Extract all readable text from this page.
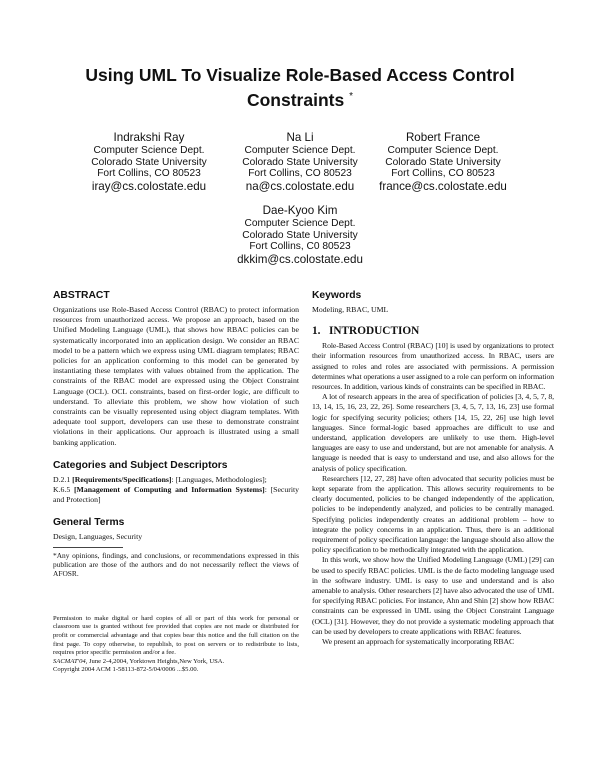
Using UML To Visualize Role-Based Access Control
Constraints *
Indrakshi Ray
Computer Science Dept.
Colorado State University
Fort Collins, CO 80523
iray@cs.colostate.edu
Na Li
Computer Science Dept.
Colorado State University
Fort Collins, CO 80523
na@cs.colostate.edu
Robert France
Computer Science Dept.
Colorado State University
Fort Collins, CO 80523
france@cs.colostate.edu
Dae-Kyoo Kim
Computer Science Dept.
Colorado State University
Fort Collins, C0 80523
dkkim@cs.colostate.edu
ABSTRACT

Organizations use Role-Based Access Control (RBAC) to protect information resources from unauthorized access. We propose an approach, based on the Unified Modeling Language (UML), that shows how RBAC policies can be systematically incorporated into an application design. We consider an RBAC model to be a pattern which we express using UML diagram templates; RBAC policies for an application conforming to this model can be generated by instantiating these templates with values obtained from the application. The constraints of the RBAC model are expressed using the Object Constraint Language (OCL). OCL constraints, based on first-order logic, are difficult to understand. To alleviate this problem, we show how violation of such constraints can be visually represented using object diagram templates. With adequate tool support, developers can use these to demonstrate constraint violations in their applications. Our approach is illustrated using a small banking application.

Categories and Subject Descriptors

D.2.1 [Requirements/Specifications]: [Languages, Methodologies];
K.6.5 [Management of Computing and Information Systems]: [Security and Protection]

General Terms

Design, Languages, Security

*Any opinions, findings, and conclusions, or recommendations expressed in this publication are those of the authors and do not necessarily reflect the views of AFOSR.

Permission to make digital or hard copies of all or part of this work for personal or classroom use is granted without fee provided that copies are not made or distributed for profit or commercial advantage and that copies bear this notice and the full citation on the first page. To copy otherwise, to republish, to post on servers or to redistribute to lists, requires prior specific permission and/or a fee.

SACMAT'04, June 2-4,2004, Yorktown Heights,New York, USA.

Copyright 2004 ACM 1-58113-872-5/04/0006 ...$5.00.

Keywords

Modeling, RBAC, UML

1.   INTRODUCTION

Role-Based Access Control (RBAC) [10] is used by organizations to protect their information resources from unauthorized access. In RBAC, users are assigned to roles and roles are associated with permissions. A permission determines what operations a user assigned to a role can perform on information resources. In addition, various kinds of constraints can be specified in RBAC.

A lot of research appears in the area of specification of policies [3, 4, 5, 7, 8, 13, 14, 15, 16, 23, 22, 26]. Some researchers [3, 4, 5, 7, 13, 16, 23] use formal logic for specifying security policies; others [14, 15, 22, 26] use high level languages. Since formal-logic based approaches are difficult to use and understand, application developers are unlikely to use them. High-level languages are easy to use and understand, but are not amenable for analysis. A language is needed that is easy to understand and use, and also allows for the analysis of policy specification.

Researchers [12, 27, 28] have often advocated that security policies must be kept separate from the application. This allows security requirements to be clearly documented, policies to be changed independently of the application, policies to be independently analyzed, and policies to be centrally managed. Specifying policies independently creates an additional problem – how to integrate the policy concerns in an application. Thus, there is an additional requirement of policy specification language: the language should also allow the policy specification to be methodically integrated with the application.

In this work, we show how the Unified Modeling Language (UML) [29] can be used to specify RBAC policies. UML is the de facto modeling language used in the software industry. UML is easy to use and understand and is also amenable to analysis. Other researchers [2] have also advocated the use of UML for specifying RBAC policies. For instance, Ahn and Shin [2] show how RBAC constraints can be expressed in UML using the Object Constraint Language (OCL) [31]. However, they do not provide a systematic modeling approach that can be used by developers to create applications with RBAC features.

We present an approach for systematically incorporating RBAC
